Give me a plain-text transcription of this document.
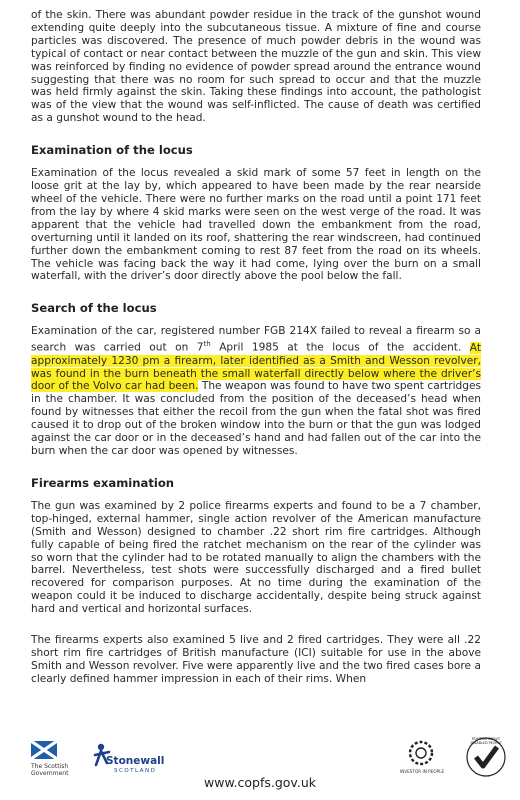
of the skin. There was abundant powder residue in the track of the gunshot wound extending quite deeply into the subcutaneous tissue. A mixture of fine and course particles was discovered. The presence of much powder debris in the wound was typical of contact or near contact between the muzzle of the gun and skin. This view was reinforced by finding no evidence of powder spread around the entrance wound suggesting that there was no room for such spread to occur and that the muzzle was held firmly against the skin. Taking these findings into account, the pathologist was of the view that the wound was self-inflicted. The cause of death was certified as a gunshot wound to the head.

Examination of the locus

Examination of the locus revealed a skid mark of some 57 feet in length on the loose grit at the lay by, which appeared to have been made by the rear nearside wheel of the vehicle. There were no further marks on the road until a point 171 feet from the lay by where 4 skid marks were seen on the west verge of the road. It was apparent that the vehicle had travelled down the embankment from the road, overturning until it landed on its roof, shattering the rear windscreen, had continued further down the embankment coming to rest 87 feet from the road on its wheels. The vehicle was facing back the way it had come, lying over the burn on a small waterfall, with the driver’s door directly above the pool below the fall.

Search of the locus

Examination of the car, registered number FGB 214X failed to reveal a firearm so a search was carried out on 7th April 1985 at the locus of the accident. At approximately 1230 pm a firearm, later identified as a Smith and Wesson revolver, was found in the burn beneath the small waterfall directly below where the driver’s door of the Volvo car had been. The weapon was found to have two spent cartridges in the chamber. It was concluded from the position of the deceased’s head when found by witnesses that either the recoil from the gun when the fatal shot was fired caused it to drop out of the broken window into the burn or that the gun was lodged against the car door or in the deceased’s hand and had fallen out of the car into the burn when the car door was opened by witnesses.

Firearms examination

The gun was examined by 2 police firearms experts and found to be a 7 chamber, top-hinged, external hammer, single action revolver of the American manufacture (Smith and Wesson) designed to chamber .22 short rim fire cartridges. Although fully capable of being fired the ratchet mechanism on the rear of the cylinder was so worn that the cylinder had to be rotated manually to align the chambers with the barrel. Nevertheless, test shots were successfully discharged and a fired bullet recovered for comparison purposes. At no time during the examination of the weapon could it be induced to discharge accidentally, despite being struck against hard and vertical and horizontal surfaces.

The firearms experts also examined 5 live and 2 fired cartridges. They were all .22 short rim fire cartridges of British manufacture (ICI) suitable for use in the above Smith and Wesson revolver. Five were apparently live and the two fired cases bore a clearly defined hammer impression in each of their rims. When

The Scottish
Government
Stonewall
SCOTLAND	INVESTOR IN PEOPLE
POSITIVE ABOUT DISABLED PEOPLE
www.copfs.gov.uk
